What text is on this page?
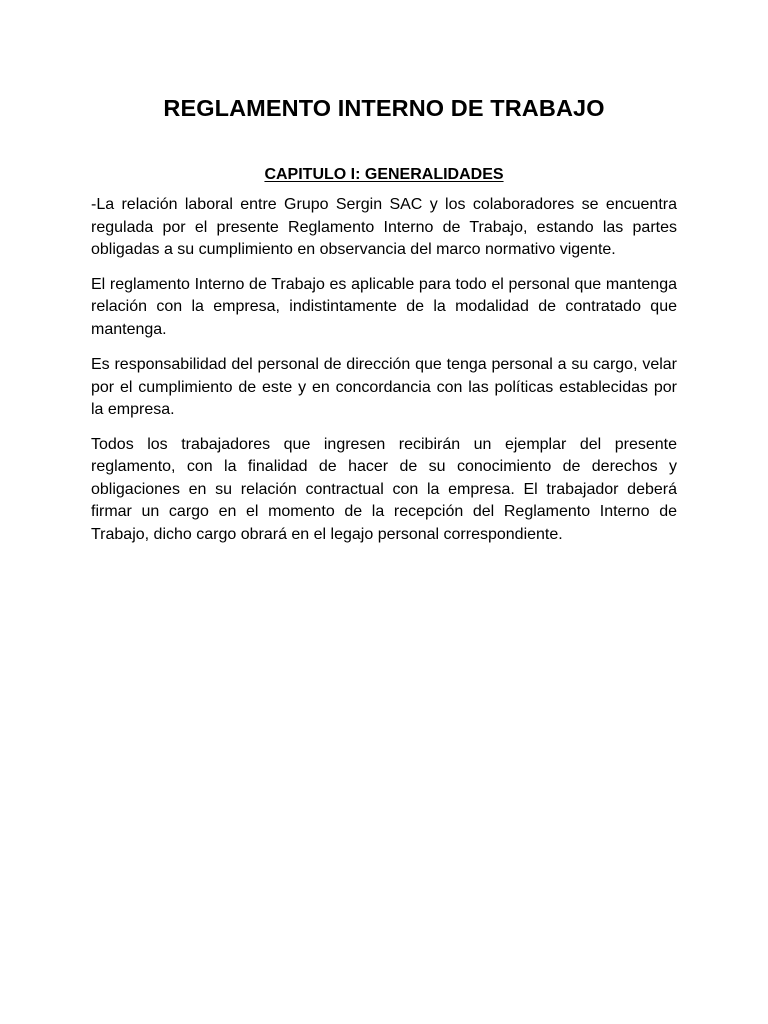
REGLAMENTO INTERNO DE TRABAJO
CAPITULO I: GENERALIDADES

-La relación laboral entre Grupo Sergin SAC y los colaboradores se encuentra regulada por el presente Reglamento Interno de Trabajo, estando las partes obligadas a su cumplimiento en observancia del marco normativo vigente.

El reglamento Interno de Trabajo es aplicable para todo el personal que mantenga relación con la empresa, indistintamente de la modalidad de contratado que mantenga.

Es responsabilidad del personal de dirección que tenga personal a su cargo, velar por el cumplimiento de este y en concordancia con las políticas establecidas por la empresa.

Todos los trabajadores que ingresen recibirán un ejemplar del presente reglamento, con la finalidad de hacer de su conocimiento de derechos y obligaciones en su relación contractual con la empresa. El trabajador deberá firmar un cargo en el momento de la recepción del Reglamento Interno de Trabajo, dicho cargo obrará en el legajo personal correspondiente.
